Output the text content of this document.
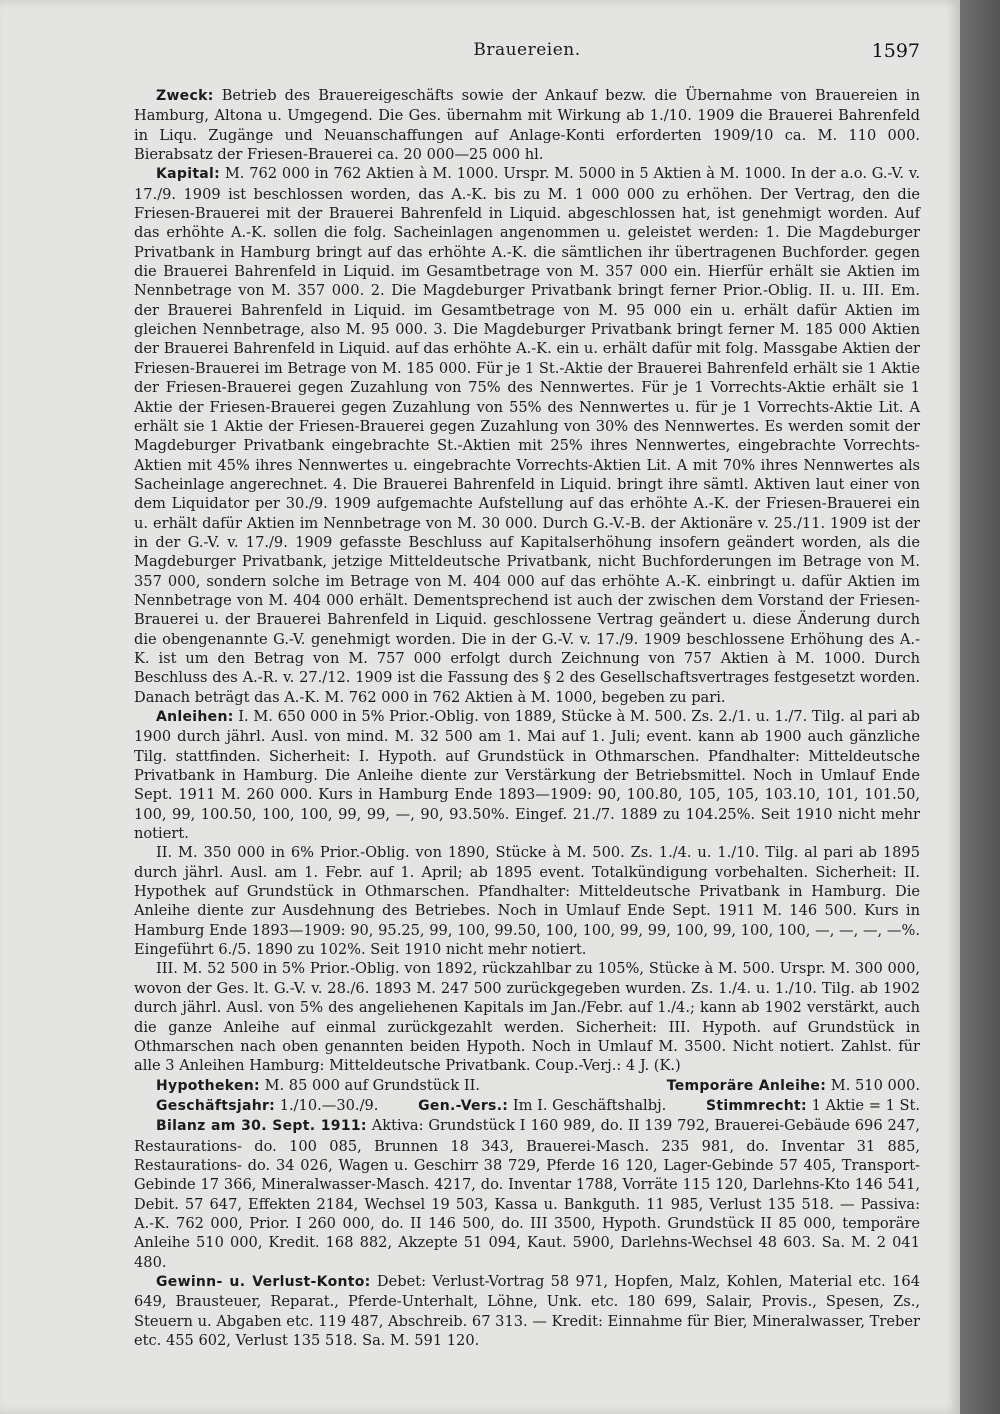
Brauereien.	1597

Zweck: Betrieb des Brauereigeschäfts sowie der Ankauf bezw. die Übernahme von Brauereien in Hamburg, Altona u. Umgegend. Die Ges. übernahm mit Wirkung ab 1./10. 1909 die Brauerei Bahrenfeld in Liqu. Zugänge und Neuanschaffungen auf Anlage-Konti erforderten 1909/10 ca. M. 110 000. Bierabsatz der Friesen-Brauerei ca. 20 000—25 000 hl.

Kapital: M. 762 000 in 762 Aktien à M. 1000. Urspr. M. 5000 in 5 Aktien à M. 1000. In der a.o. G.-V. v. 17./9. 1909 ist beschlossen worden, das A.-K. bis zu M. 1 000 000 zu erhöhen. Der Vertrag, den die Friesen-Brauerei mit der Brauerei Bahrenfeld in Liquid. abgeschlossen hat, ist genehmigt worden. Auf das erhöhte A.-K. sollen die folg. Sacheinlagen angenommen u. geleistet werden: 1. Die Magdeburger Privatbank in Hamburg bringt auf das erhöhte A.-K. die sämtlichen ihr übertragenen Buchforder. gegen die Brauerei Bahrenfeld in Liquid. im Gesamtbetrage von M. 357 000 ein. Hierfür erhält sie Aktien im Nennbetrage von M. 357 000. 2. Die Magdeburger Privatbank bringt ferner Prior.-Oblig. II. u. III. Em. der Brauerei Bahrenfeld in Liquid. im Gesamtbetrage von M. 95 000 ein u. erhält dafür Aktien im gleichen Nennbetrage, also M. 95 000. 3. Die Magdeburger Privatbank bringt ferner M. 185 000 Aktien der Brauerei Bahrenfeld in Liquid. auf das erhöhte A.-K. ein u. erhält dafür mit folg. Massgabe Aktien der Friesen-Brauerei im Betrage von M. 185 000. Für je 1 St.-Aktie der Brauerei Bahrenfeld erhält sie 1 Aktie der Friesen-Brauerei gegen Zuzahlung von 75% des Nennwertes. Für je 1 Vorrechts-Aktie erhält sie 1 Aktie der Friesen-Brauerei gegen Zuzahlung von 55% des Nennwertes u. für je 1 Vorrechts-Aktie Lit. A erhält sie 1 Aktie der Friesen-Brauerei gegen Zuzahlung von 30% des Nennwertes. Es werden somit der Magdeburger Privatbank eingebrachte St.-Aktien mit 25% ihres Nennwertes, eingebrachte Vorrechts-Aktien mit 45% ihres Nennwertes u. eingebrachte Vorrechts-Aktien Lit. A mit 70% ihres Nennwertes als Sacheinlage angerechnet. 4. Die Brauerei Bahrenfeld in Liquid. bringt ihre sämtl. Aktiven laut einer von dem Liquidator per 30./9. 1909 aufgemachte Aufstellung auf das erhöhte A.-K. der Friesen-Brauerei ein u. erhält dafür Aktien im Nennbetrage von M. 30 000. Durch G.-V.-B. der Aktionäre v. 25./11. 1909 ist der in der G.-V. v. 17./9. 1909 gefasste Beschluss auf Kapitalserhöhung insofern geändert worden, als die Magdeburger Privatbank, jetzige Mitteldeutsche Privatbank, nicht Buchforderungen im Betrage von M. 357 000, sondern solche im Betrage von M. 404 000 auf das erhöhte A.-K. einbringt u. dafür Aktien im Nennbetrage von M. 404 000 erhält. Dementsprechend ist auch der zwischen dem Vorstand der Friesen-Brauerei u. der Brauerei Bahrenfeld in Liquid. geschlossene Vertrag geändert u. diese Änderung durch die obengenannte G.-V. genehmigt worden. Die in der G.-V. v. 17./9. 1909 beschlossene Erhöhung des A.-K. ist um den Betrag von M. 757 000 erfolgt durch Zeichnung von 757 Aktien à M. 1000. Durch Beschluss des A.-R. v. 27./12. 1909 ist die Fassung des § 2 des Gesellschaftsvertrages festgesetzt worden. Danach beträgt das A.-K. M. 762 000 in 762 Aktien à M. 1000, begeben zu pari.

Anleihen: I. M. 650 000 in 5% Prior.-Oblig. von 1889, Stücke à M. 500. Zs. 2./1. u. 1./7. Tilg. al pari ab 1900 durch jährl. Ausl. von mind. M. 32 500 am 1. Mai auf 1. Juli; event. kann ab 1900 auch gänzliche Tilg. stattfinden. Sicherheit: I. Hypoth. auf Grundstück in Othmarschen. Pfandhalter: Mitteldeutsche Privatbank in Hamburg. Die Anleihe diente zur Verstärkung der Betriebsmittel. Noch in Umlauf Ende Sept. 1911 M. 260 000. Kurs in Hamburg Ende 1893—1909: 90, 100.80, 105, 105, 103.10, 101, 101.50, 100, 99, 100.50, 100, 100, 99, 99, —, 90, 93.50%. Eingef. 21./7. 1889 zu 104.25%. Seit 1910 nicht mehr notiert.

II. M. 350 000 in 6% Prior.-Oblig. von 1890, Stücke à M. 500. Zs. 1./4. u. 1./10. Tilg. al pari ab 1895 durch jährl. Ausl. am 1. Febr. auf 1. April; ab 1895 event. Totalkündigung vorbehalten. Sicherheit: II. Hypothek auf Grundstück in Othmarschen. Pfandhalter: Mitteldeutsche Privatbank in Hamburg. Die Anleihe diente zur Ausdehnung des Betriebes. Noch in Umlauf Ende Sept. 1911 M. 146 500. Kurs in Hamburg Ende 1893—1909: 90, 95.25, 99, 100, 99.50, 100, 100, 99, 99, 100, 99, 100, 100, —, —, —, —%. Eingeführt 6./5. 1890 zu 102%. Seit 1910 nicht mehr notiert.

III. M. 52 500 in 5% Prior.-Oblig. von 1892, rückzahlbar zu 105%, Stücke à M. 500. Urspr. M. 300 000, wovon der Ges. lt. G.-V. v. 28./6. 1893 M. 247 500 zurückgegeben wurden. Zs. 1./4. u. 1./10. Tilg. ab 1902 durch jährl. Ausl. von 5% des angeliehenen Kapitals im Jan./Febr. auf 1./4.; kann ab 1902 verstärkt, auch die ganze Anleihe auf einmal zurückgezahlt werden. Sicherheit: III. Hypoth. auf Grundstück in Othmarschen nach oben genannten beiden Hypoth. Noch in Umlauf M. 3500. Nicht notiert. Zahlst. für alle 3 Anleihen Hamburg: Mitteldeutsche Privatbank. Coup.-Verj.: 4 J. (K.)

Hypotheken: M. 85 000 auf Grundstück II.	Temporäre Anleihe: M. 510 000.

Geschäftsjahr: 1./10.—30./9.	Gen.-Vers.: Im I. Geschäftshalbj.	Stimmrecht: 1 Aktie = 1 St.

Bilanz am 30. Sept. 1911: Aktiva: Grundstück I 160 989, do. II 139 792, Brauerei-Gebäude 696 247, Restaurations- do. 100 085, Brunnen 18 343, Brauerei-Masch. 235 981, do. Inventar 31 885, Restaurations- do. 34 026, Wagen u. Geschirr 38 729, Pferde 16 120, Lager-Gebinde 57 405, Transport-Gebinde 17 366, Mineralwasser-Masch. 4217, do. Inventar 1788, Vorräte 115 120, Darlehns-Kto 146 541, Debit. 57 647, Effekten 2184, Wechsel 19 503, Kassa u. Bankguth. 11 985, Verlust 135 518. — Passiva: A.-K. 762 000, Prior. I 260 000, do. II 146 500, do. III 3500, Hypoth. Grundstück II 85 000, temporäre Anleihe 510 000, Kredit. 168 882, Akzepte 51 094, Kaut. 5900, Darlehns-Wechsel 48 603. Sa. M. 2 041 480.

Gewinn- u. Verlust-Konto: Debet: Verlust-Vortrag 58 971, Hopfen, Malz, Kohlen, Material etc. 164 649, Brausteuer, Reparat., Pferde-Unterhalt, Löhne, Unk. etc. 180 699, Salair, Provis., Spesen, Zs., Steuern u. Abgaben etc. 119 487, Abschreib. 67 313. — Kredit: Einnahme für Bier, Mineralwasser, Treber etc. 455 602, Verlust 135 518. Sa. M. 591 120.
